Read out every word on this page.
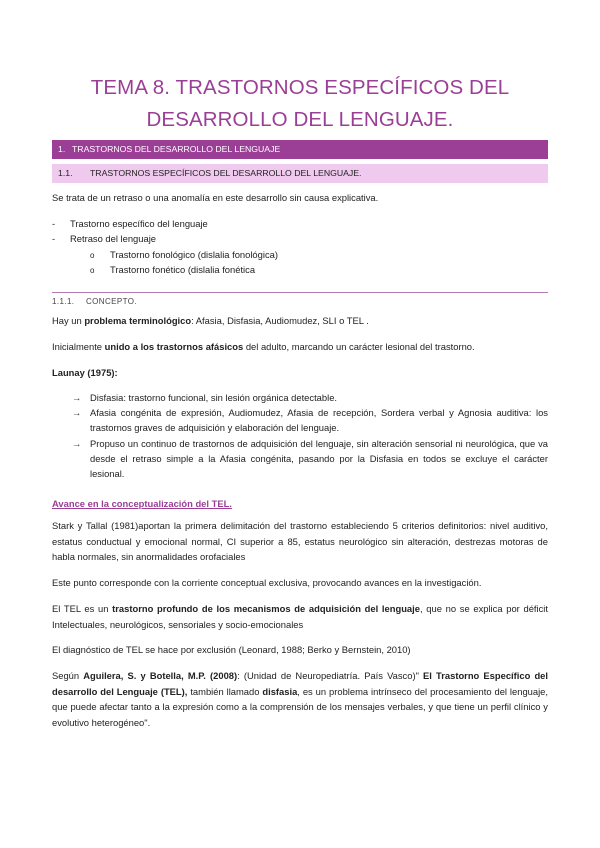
TEMA 8. TRASTORNOS ESPECÍFICOS DEL
DESARROLLO DEL LENGUAJE.
1. TRASTORNOS DEL DESARROLLO DEL LENGUAJE
1.1. TRASTORNOS ESPECÍFICOS DEL DESARROLLO DEL LENGUAJE.
Se trata de un retraso o una anomalía en este desarrollo sin causa explicativa.
- Trastorno específico del lenguaje
- Retraso del lenguaje
o Trastorno fonológico (dislalia fonológica)
o Trastorno fonético (dislalia fonética
1.1.1. CONCEPTO.
Hay un problema terminológico: Afasia, Disfasia, Audiomudez, SLI o TEL .
Inicialmente unido a los trastornos afásicos del adulto, marcando un carácter lesional del trastorno.
Launay (1975):
→ Disfasia: trastorno funcional, sin lesión orgánica detectable.
→ Afasia congénita de expresión, Audiomudez, Afasia de recepción, Sordera verbal y Agnosia auditiva: los trastornos graves de adquisición y elaboración del lenguaje.
→ Propuso un continuo de trastornos de adquisición del lenguaje, sin alteración sensorial ni neurológica, que va desde el retraso simple a la Afasia congénita, pasando por la Disfasia en todos se excluye el carácter lesional.
Avance en la conceptualización del TEL.
Stark y Tallal (1981)aportan la primera delimitación del trastorno estableciendo 5 criterios definitorios: nivel auditivo, estatus conductual y emocional normal, CI superior a 85, estatus neurológico sin alteración, destrezas motoras de habla normales, sin anormalidades orofaciales
Este punto corresponde con la corriente conceptual exclusiva, provocando avances en la investigación.
El TEL es un trastorno profundo de los mecanismos de adquisición del lenguaje, que no se explica por déficit Intelectuales, neurológicos, sensoriales y socio-emocionales
El diagnóstico de TEL se hace por exclusión (Leonard, 1988; Berko y Bernstein, 2010)
Según Aguilera, S. y Botella, M.P. (2008): (Unidad de Neuropediatría. País Vasco)" El Trastorno Específico del desarrollo del Lenguaje (TEL), también llamado disfasia, es un problema intrínseco del procesamiento del lenguaje, que puede afectar tanto a la expresión como a la comprensión de los mensajes verbales, y que tiene un perfil clínico y evolutivo heterogéneo".
